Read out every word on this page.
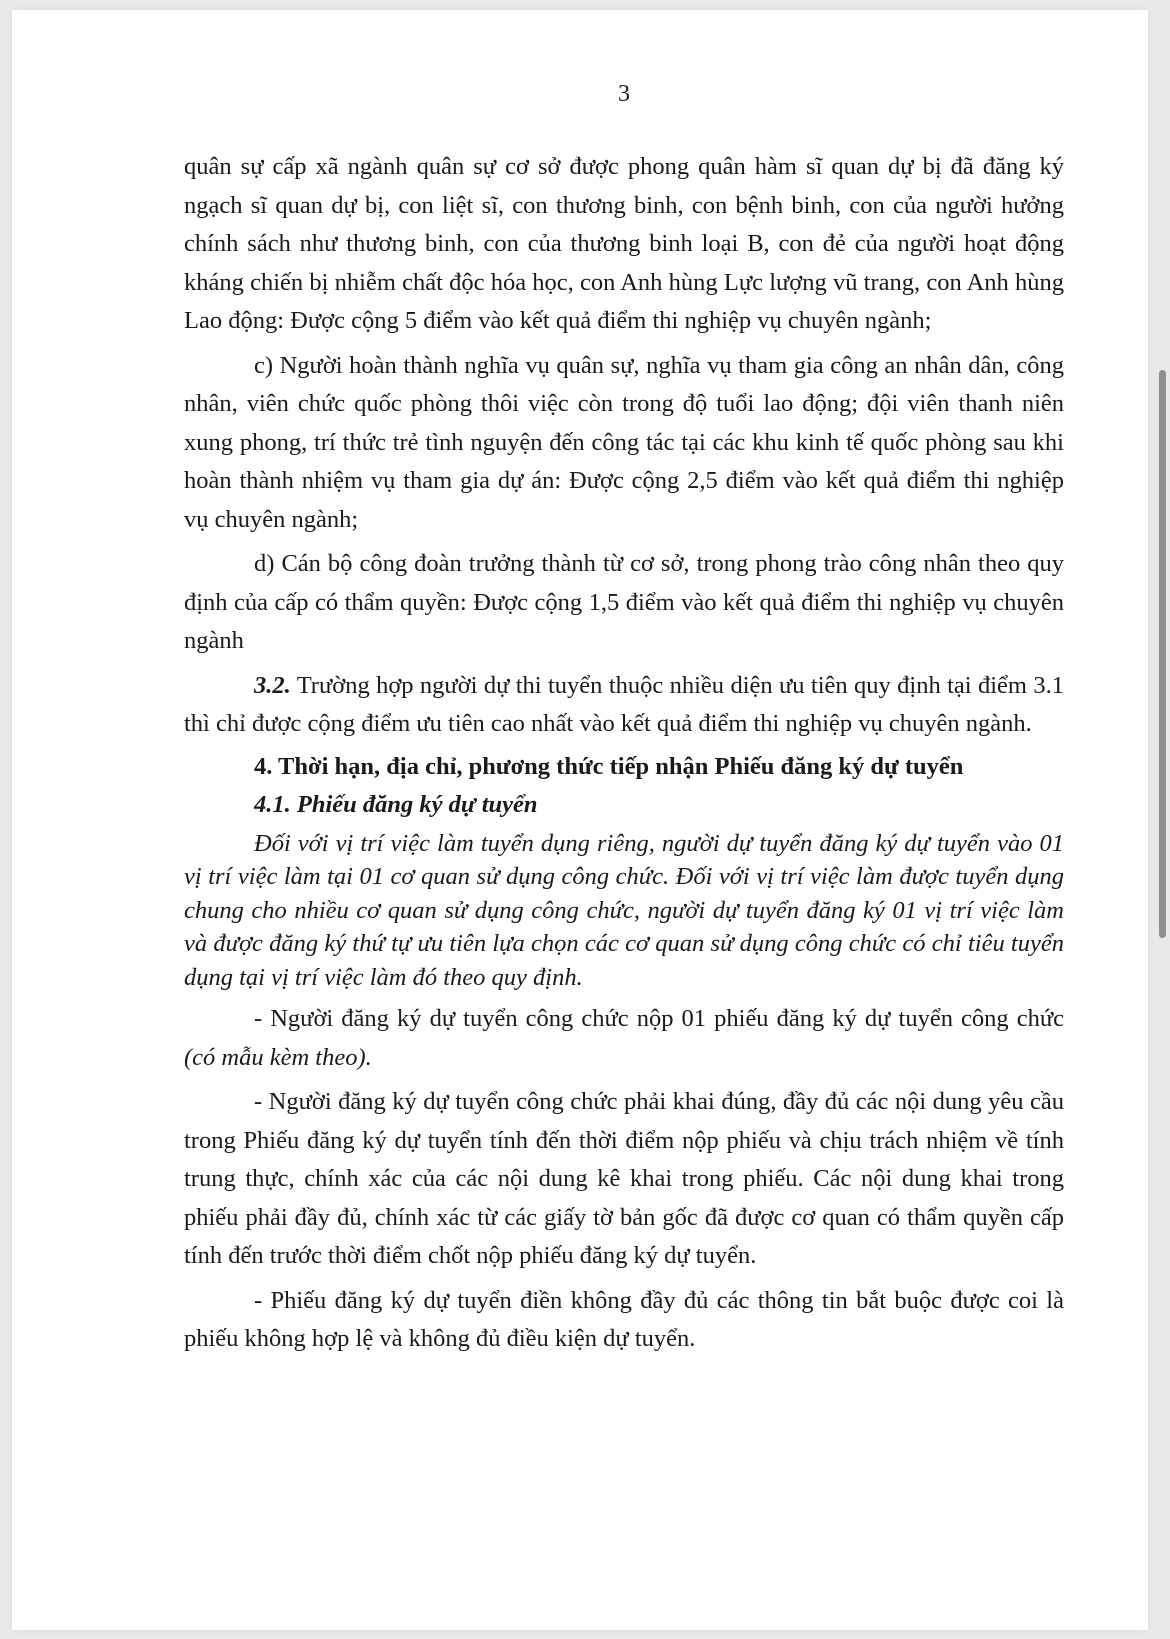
3

quân sự cấp xã ngành quân sự cơ sở được phong quân hàm sĩ quan dự bị đã đăng ký ngạch sĩ quan dự bị, con liệt sĩ, con thương binh, con bệnh binh, con của người hưởng chính sách như thương binh, con của thương binh loại B, con đẻ của người hoạt động kháng chiến bị nhiễm chất độc hóa học, con Anh hùng Lực lượng vũ trang, con Anh hùng Lao động: Được cộng 5 điểm vào kết quả điểm thi nghiệp vụ chuyên ngành;

c) Người hoàn thành nghĩa vụ quân sự, nghĩa vụ tham gia công an nhân dân, công nhân, viên chức quốc phòng thôi việc còn trong độ tuổi lao động; đội viên thanh niên xung phong, trí thức trẻ tình nguyện đến công tác tại các khu kinh tế quốc phòng sau khi hoàn thành nhiệm vụ tham gia dự án: Được cộng 2,5 điểm vào kết quả điểm thi nghiệp vụ chuyên ngành;

d) Cán bộ công đoàn trưởng thành từ cơ sở, trong phong trào công nhân theo quy định của cấp có thẩm quyền: Được cộng 1,5 điểm vào kết quả điểm thi nghiệp vụ chuyên ngành

3.2. Trường hợp người dự thi tuyển thuộc nhiều diện ưu tiên quy định tại điểm 3.1 thì chỉ được cộng điểm ưu tiên cao nhất vào kết quả điểm thi nghiệp vụ chuyên ngành.

4. Thời hạn, địa chỉ, phương thức tiếp nhận Phiếu đăng ký dự tuyển

4.1. Phiếu đăng ký dự tuyển

Đối với vị trí việc làm tuyển dụng riêng, người dự tuyển đăng ký dự tuyển vào 01 vị trí việc làm tại 01 cơ quan sử dụng công chức. Đối với vị trí việc làm được tuyển dụng chung cho nhiều cơ quan sử dụng công chức, người dự tuyển đăng ký 01 vị trí việc làm và được đăng ký thứ tự ưu tiên lựa chọn các cơ quan sử dụng công chức có chỉ tiêu tuyển dụng tại vị trí việc làm đó theo quy định.

- Người đăng ký dự tuyển công chức nộp 01 phiếu đăng ký dự tuyển công chức (có mẫu kèm theo).

- Người đăng ký dự tuyển công chức phải khai đúng, đầy đủ các nội dung yêu cầu trong Phiếu đăng ký dự tuyển tính đến thời điểm nộp phiếu và chịu trách nhiệm về tính trung thực, chính xác của các nội dung kê khai trong phiếu. Các nội dung khai trong phiếu phải đầy đủ, chính xác từ các giấy tờ bản gốc đã được cơ quan có thẩm quyền cấp tính đến trước thời điểm chốt nộp phiếu đăng ký dự tuyển.

- Phiếu đăng ký dự tuyển điền không đầy đủ các thông tin bắt buộc được coi là phiếu không hợp lệ và không đủ điều kiện dự tuyển.
